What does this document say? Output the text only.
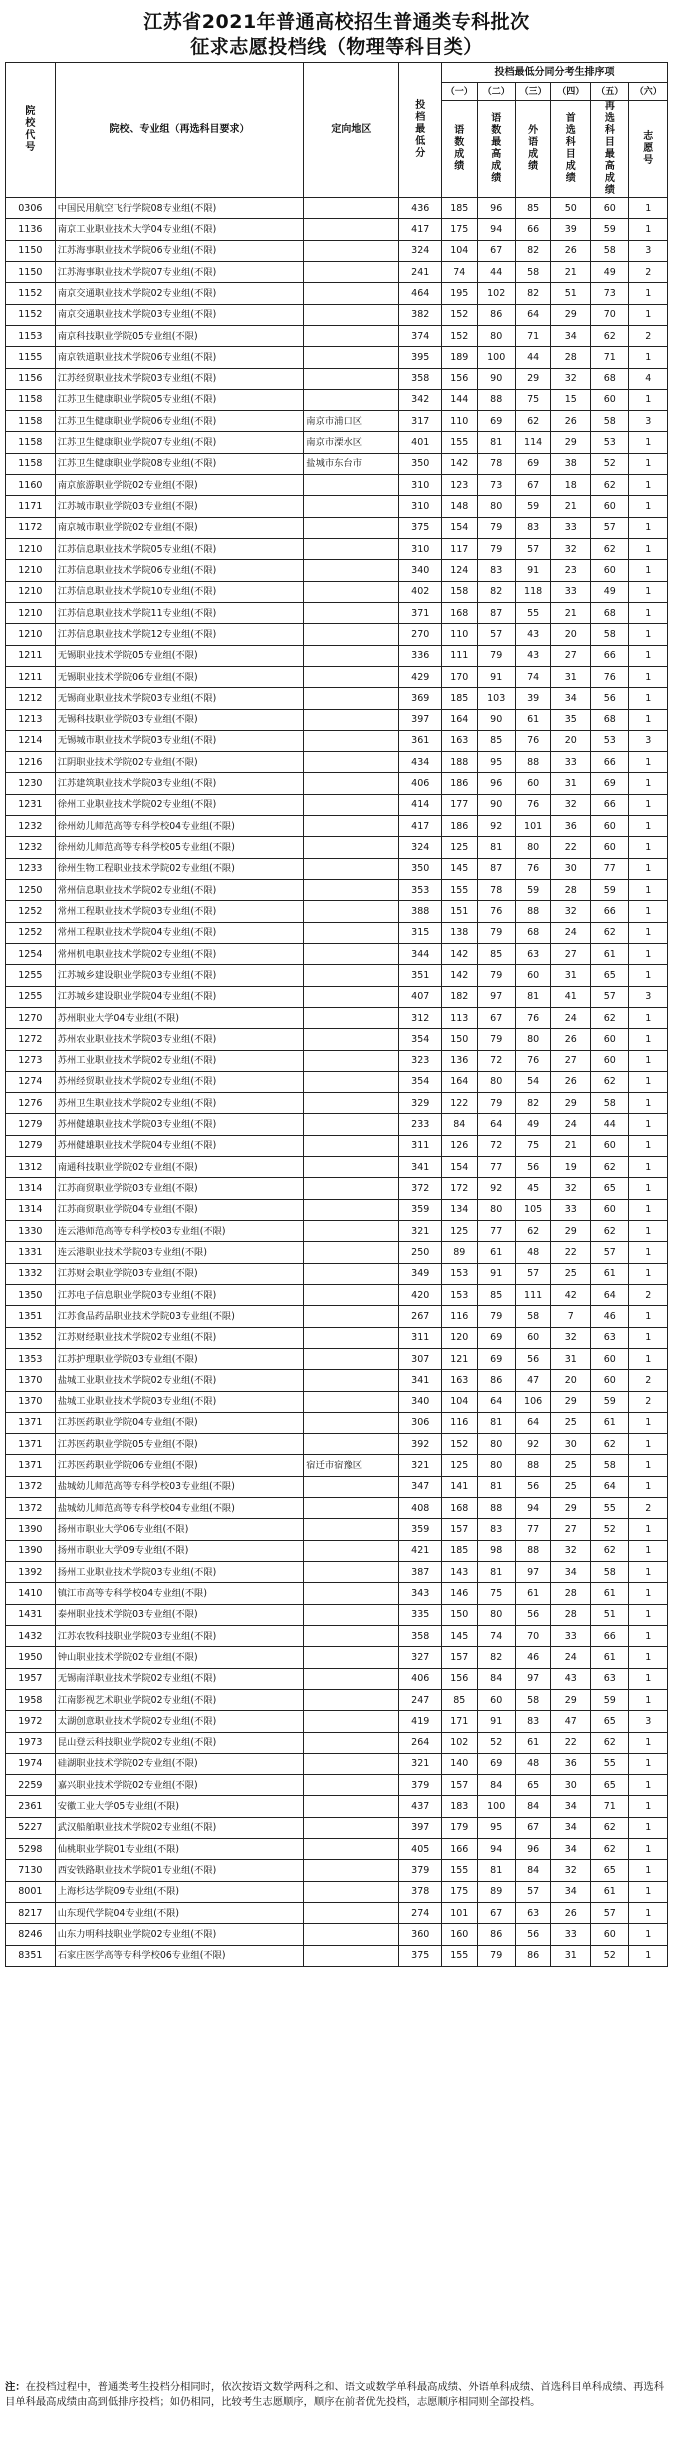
江苏省2021年普通高校招生普通类专科批次
征求志愿投档线（物理等科目类）
院校代号	院校、专业组（再选科目要求）	定向地区	投档最低分	投档最低分同分考生排序项					
				（一）	（二）	（三）	（四）	（五）	（六）
				语数成绩	语数最高成绩	外语成绩	首选科目成绩	再选科目最高成绩	志愿号
0306	中国民用航空飞行学院08专业组(不限)		436	185	96	85	50	60	1
1136	南京工业职业技术大学04专业组(不限)		417	175	94	66	39	59	1
1150	江苏海事职业技术学院06专业组(不限)		324	104	67	82	26	58	3
1150	江苏海事职业技术学院07专业组(不限)		241	74	44	58	21	49	2
1152	南京交通职业技术学院02专业组(不限)		464	195	102	82	51	73	1
1152	南京交通职业技术学院03专业组(不限)		382	152	86	64	29	70	1
1153	南京科技职业学院05专业组(不限)		374	152	80	71	34	62	2
1155	南京铁道职业技术学院06专业组(不限)		395	189	100	44	28	71	1
1156	江苏经贸职业技术学院03专业组(不限)		358	156	90	29	32	68	4
1158	江苏卫生健康职业学院05专业组(不限)		342	144	88	75	15	60	1
1158	江苏卫生健康职业学院06专业组(不限)	南京市浦口区	317	110	69	62	26	58	3
1158	江苏卫生健康职业学院07专业组(不限)	南京市溧水区	401	155	81	114	29	53	1
1158	江苏卫生健康职业学院08专业组(不限)	盐城市东台市	350	142	78	69	38	52	1
1160	南京旅游职业学院02专业组(不限)		310	123	73	67	18	62	1
1171	江苏城市职业学院03专业组(不限)		310	148	80	59	21	60	1
1172	南京城市职业学院02专业组(不限)		375	154	79	83	33	57	1
1210	江苏信息职业技术学院05专业组(不限)		310	117	79	57	32	62	1
1210	江苏信息职业技术学院06专业组(不限)		340	124	83	91	23	60	1
1210	江苏信息职业技术学院10专业组(不限)		402	158	82	118	33	49	1
1210	江苏信息职业技术学院11专业组(不限)		371	168	87	55	21	68	1
1210	江苏信息职业技术学院12专业组(不限)		270	110	57	43	20	58	1
1211	无锡职业技术学院05专业组(不限)		336	111	79	43	27	66	1
1211	无锡职业技术学院06专业组(不限)		429	170	91	74	31	76	1
1212	无锡商业职业技术学院03专业组(不限)		369	185	103	39	34	56	1
1213	无锡科技职业学院03专业组(不限)		397	164	90	61	35	68	1
1214	无锡城市职业技术学院03专业组(不限)		361	163	85	76	20	53	3
1216	江阴职业技术学院02专业组(不限)		434	188	95	88	33	66	1
1230	江苏建筑职业技术学院03专业组(不限)		406	186	96	60	31	69	1
1231	徐州工业职业技术学院02专业组(不限)		414	177	90	76	32	66	1
1232	徐州幼儿师范高等专科学校04专业组(不限)		417	186	92	101	36	60	1
1232	徐州幼儿师范高等专科学校05专业组(不限)		324	125	81	80	22	60	1
1233	徐州生物工程职业技术学院02专业组(不限)		350	145	87	76	30	77	1
1250	常州信息职业技术学院02专业组(不限)		353	155	78	59	28	59	1
1252	常州工程职业技术学院03专业组(不限)		388	151	76	88	32	66	1
1252	常州工程职业技术学院04专业组(不限)		315	138	79	68	24	62	1
1254	常州机电职业技术学院02专业组(不限)		344	142	85	63	27	61	1
1255	江苏城乡建设职业学院03专业组(不限)		351	142	79	60	31	65	1
1255	江苏城乡建设职业学院04专业组(不限)		407	182	97	81	41	57	3
1270	苏州职业大学04专业组(不限)		312	113	67	76	24	62	1
1272	苏州农业职业技术学院03专业组(不限)		354	150	79	80	26	60	1
1273	苏州工业职业技术学院02专业组(不限)		323	136	72	76	27	60	1
1274	苏州经贸职业技术学院02专业组(不限)		354	164	80	54	26	62	1
1276	苏州卫生职业技术学院02专业组(不限)		329	122	79	82	29	58	1
1279	苏州健雄职业技术学院03专业组(不限)		233	84	64	49	24	44	1
1279	苏州健雄职业技术学院04专业组(不限)		311	126	72	75	21	60	1
1312	南通科技职业学院02专业组(不限)		341	154	77	56	19	62	1
1314	江苏商贸职业学院03专业组(不限)		372	172	92	45	32	65	1
1314	江苏商贸职业学院04专业组(不限)		359	134	80	105	33	60	1
1330	连云港师范高等专科学校03专业组(不限)		321	125	77	62	29	62	1
1331	连云港职业技术学院03专业组(不限)		250	89	61	48	22	57	1
1332	江苏财会职业学院03专业组(不限)		349	153	91	57	25	61	1
1350	江苏电子信息职业学院03专业组(不限)		420	153	85	111	42	64	2
1351	江苏食品药品职业技术学院03专业组(不限)		267	116	79	58	7	46	1
1352	江苏财经职业技术学院02专业组(不限)		311	120	69	60	32	63	1
1353	江苏护理职业学院03专业组(不限)		307	121	69	56	31	60	1
1370	盐城工业职业技术学院02专业组(不限)		341	163	86	47	20	60	2
1370	盐城工业职业技术学院03专业组(不限)		340	104	64	106	29	59	2
1371	江苏医药职业学院04专业组(不限)		306	116	81	64	25	61	1
1371	江苏医药职业学院05专业组(不限)		392	152	80	92	30	62	1
1371	江苏医药职业学院06专业组(不限)	宿迁市宿豫区	321	125	80	88	25	58	1
1372	盐城幼儿师范高等专科学校03专业组(不限)		347	141	81	56	25	64	1
1372	盐城幼儿师范高等专科学校04专业组(不限)		408	168	88	94	29	55	2
1390	扬州市职业大学06专业组(不限)		359	157	83	77	27	52	1
1390	扬州市职业大学09专业组(不限)		421	185	98	88	32	62	1
1392	扬州工业职业技术学院03专业组(不限)		387	143	81	97	34	58	1
1410	镇江市高等专科学校04专业组(不限)		343	146	75	61	28	61	1
1431	泰州职业技术学院03专业组(不限)		335	150	80	56	28	51	1
1432	江苏农牧科技职业学院03专业组(不限)		358	145	74	70	33	66	1
1950	钟山职业技术学院02专业组(不限)		327	157	82	46	24	61	1
1957	无锡南洋职业技术学院02专业组(不限)		406	156	84	97	43	63	1
1958	江南影视艺术职业学院02专业组(不限)		247	85	60	58	29	59	1
1972	太湖创意职业技术学院02专业组(不限)		419	171	91	83	47	65	3
1973	昆山登云科技职业学院02专业组(不限)		264	102	52	61	22	62	1
1974	硅湖职业技术学院02专业组(不限)		321	140	69	48	36	55	1
2259	嘉兴职业技术学院02专业组(不限)		379	157	84	65	30	65	1
2361	安徽工业大学05专业组(不限)		437	183	100	84	34	71	1
5227	武汉船舶职业技术学院02专业组(不限)		397	179	95	67	34	62	1
5298	仙桃职业学院01专业组(不限)		405	166	94	96	34	62	1
7130	西安铁路职业技术学院01专业组(不限)		379	155	81	84	32	65	1
8001	上海杉达学院09专业组(不限)		378	175	89	57	34	61	1
8217	山东现代学院04专业组(不限)		274	101	67	63	26	57	1
8246	山东力明科技职业学院02专业组(不限)		360	160	86	56	33	60	1
8351	石家庄医学高等专科学校06专业组(不限)		375	155	79	86	31	52	1
注：在投档过程中，普通类考生投档分相同时，依次按语文数学两科之和、语文或数学单科最高成绩、外语单科成绩、首选科目单科成绩、再选科目单科最高成绩由高到低排序投档；如仍相同，比较考生志愿顺序，顺序在前者优先投档，志愿顺序相同则全部投档。
